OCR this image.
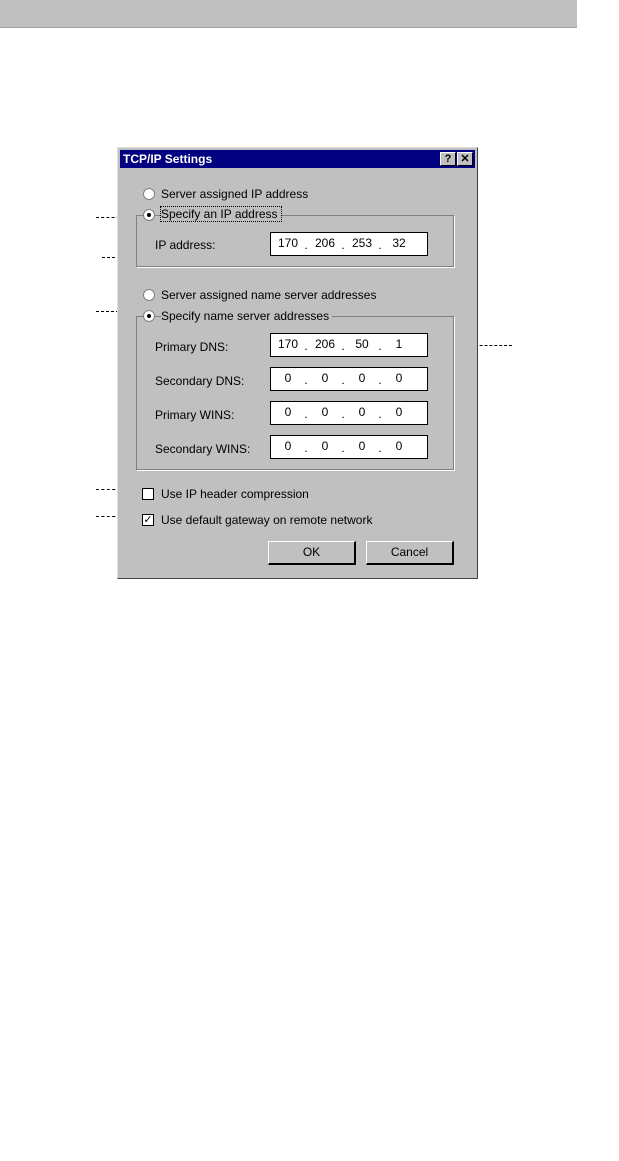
TCP/IP Settings	? ✕
Server assigned IP address
Specify an IP address
IP address:	170 . 206 . 253 . 32
Server assigned name server addresses
Specify name server addresses
Primary DNS:	170 . 206 . 50 .	1
Secondary DNS:	0	.	0	.	0	.	0
Primary WINS:	0	.	0	.	0	.	0
Secondary WINS:	0	.	0	.	0	.	0
Use IP header compression
✓ Use default gateway on remote network
OK	Cancel
